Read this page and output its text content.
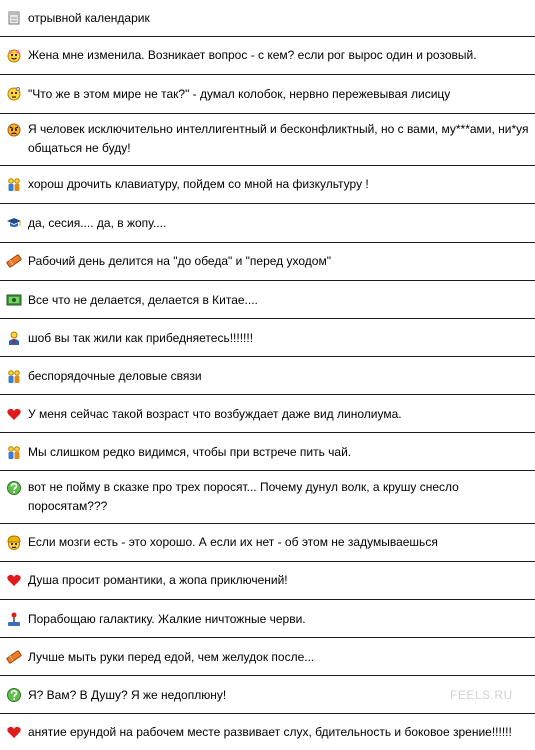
отрывной календарик
Жена мне изменила. Возникает вопрос - с кем? если рог вырос один и розовый.
"Что же в этом мире не так?" - думал колобок, нервно пережевывая лисицу
Я человек исключительно интеллигентный и бесконфликтный, но с вами, му***ами, ни*уя общаться не буду!
хорош дрочить клавиатуру, пойдем со мной на физкультуру !
да, сесия.... да, в жопу....
Рабочий день делится на "до обеда" и "перед уходом"
Все что не делается, делается в Китае....
шоб вы так жили как прибедняетесь!!!!!!!
беспорядочные деловые связи
У меня сейчас такой возраст что возбуждает даже вид линолиума.
Мы слишком редко видимся, чтобы при встрече пить чай.
вот не пойму в сказке про трех поросят... Почему дунул волк, а крушу снесло поросятам???
Если мозги есть - это хорошо. А если их нет - об этом не задумываешься
Душа просит романтики, а жопа приключений!
Порабощаю галактику. Жалкие ничтожные черви.
Лучше мыть руки перед едой, чем желудок после...
Я? Вам? В Душу? Я же недоплюну!
анятие ерундой на рабочем месте развивает слух, бдительность и боковое зрение!!!!!!
FEELS.RU
